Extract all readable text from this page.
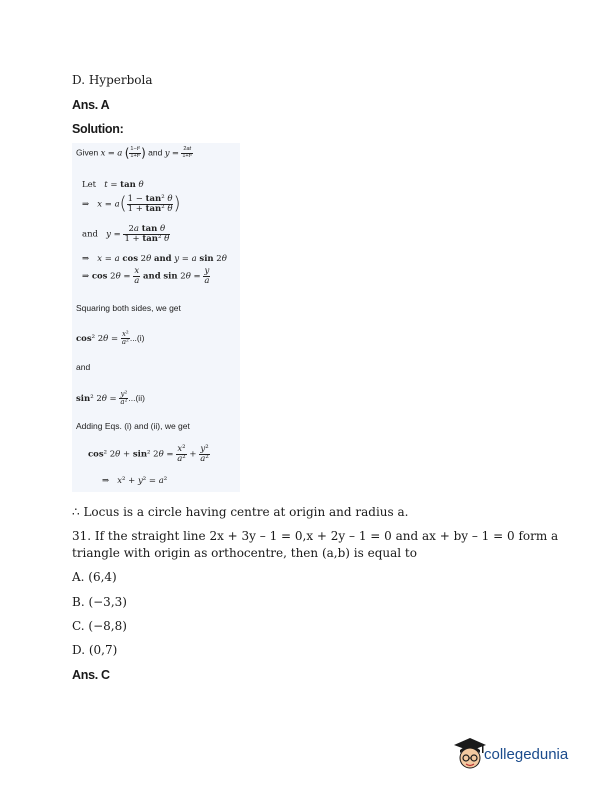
D. Hyperbola
Ans. A
Solution:
Given x = a ( $\frac{\text{1−t²}}{\text{1+t²}}$ ) and $y = \frac{2at}{\text{1+t²}}$
Let t = tan θ
⇒ $x = a( \frac{\text{1 − tan² θ}}{\text{1 + tan² θ}}$ )
and $y = \frac{\text{2a tan θ}}{\text{1 + tan² θ}}$
⇒ x = a cos 2θ and y = a sin 2θ
⇒ $\cos 2\theta = \frac{x}{a}$ and $\sin 2\theta = \frac{y}{a}$
Squaring both sides, we get
cos² $2\theta = \frac{\text{x²}}{\text{a²}} ...(i)$
and
sin² $2\theta = \frac{\text{y²}}{\text{a²}} ...(ii)$
Adding Eqs. (i) and (ii), we get
cos² 2θ + sin² $2\theta = \frac{\text{x²}}{\text{a²}} + \frac{\text{y²}}{\text{a²}}$
⇒ x² + y² = a²
∴ Locus is a circle having centre at origin and radius a.
31. If the straight line 2x + 3y – 1 = 0,x + 2y – 1 = 0 and ax + by – 1 = 0 form a
triangle with origin as orthocentre, then (a,b) is equal to
A. (6,4)
B. (−3,3)
C. (−8,8)
D. (0,7)
Ans. C
collegedunia
